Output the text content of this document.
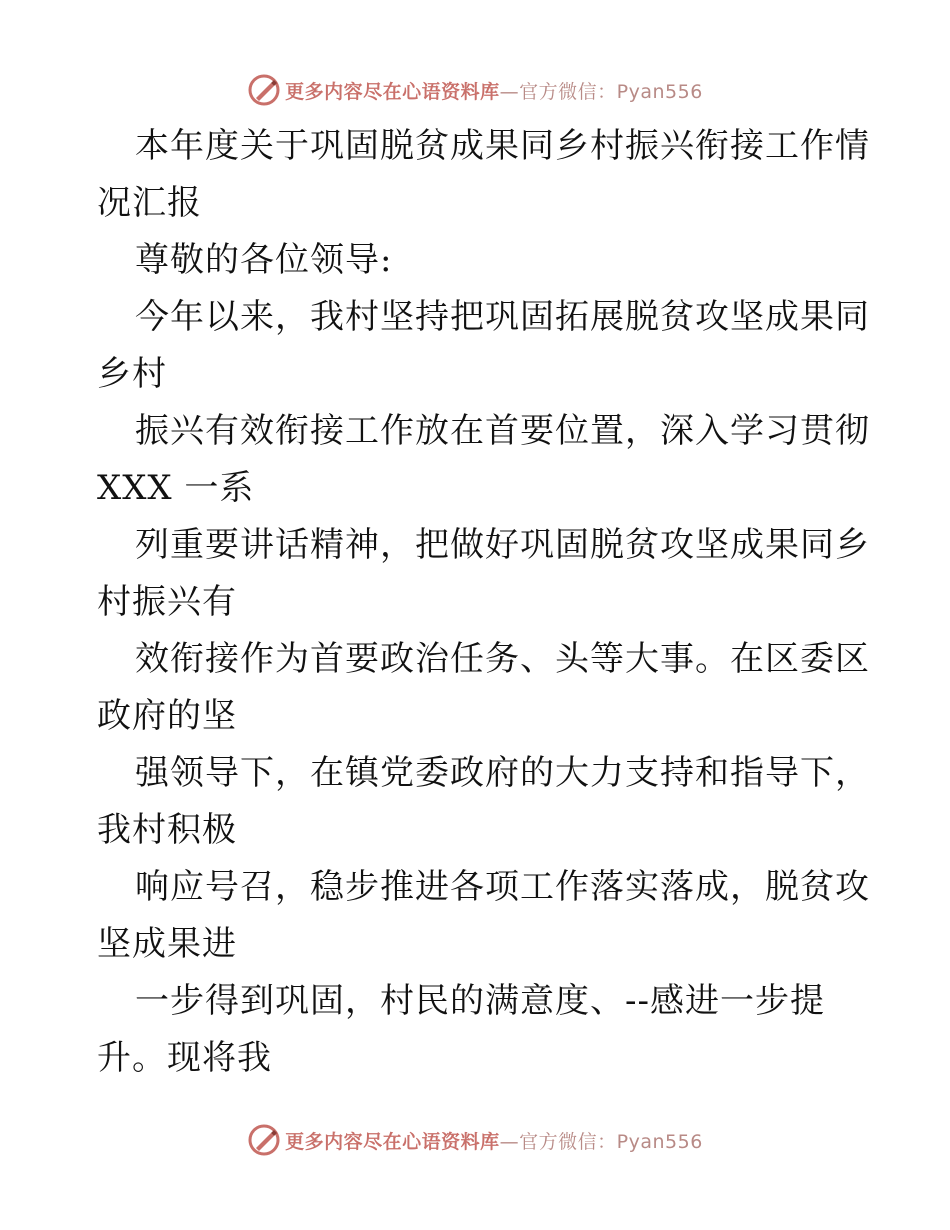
更多内容尽在心语资料库—官方微信：Pyan556

本年度关于巩固脱贫成果同乡村振兴衔接工作情
况汇报

尊敬的各位领导:

今年以来，我村坚持把巩固拓展脱贫攻坚成果同
乡村

振兴有效衔接工作放在首要位置，深入学习贯彻
XXX 一系

列重要讲话精神，把做好巩固脱贫攻坚成果同乡
村振兴有

效衔接作为首要政治任务、头等大事。在区委区
政府的坚

强领导下，在镇党委政府的大力支持和指导下，
我村积极

响应号召，稳步推进各项工作落实落成，脱贫攻
坚成果进

一步得到巩固，村民的满意度、--感进一步提
升。现将我

更多内容尽在心语资料库—官方微信：Pyan556
